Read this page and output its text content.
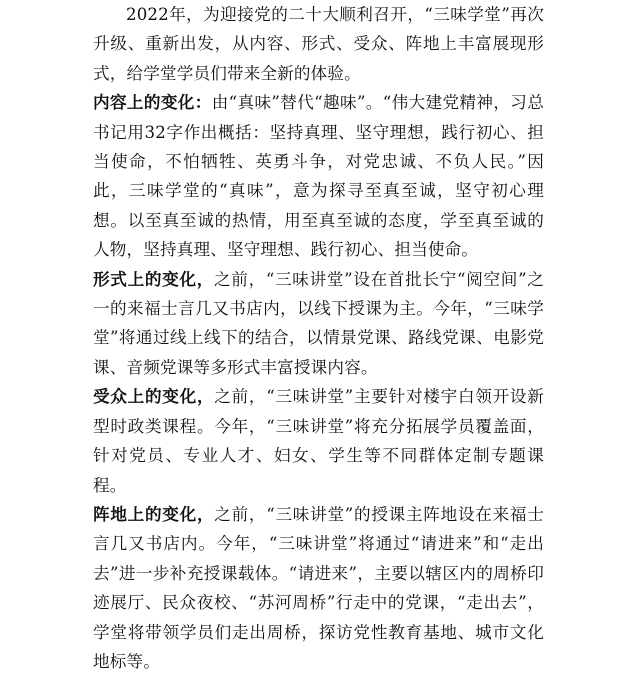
2022年，为迎接党的二十大顺利召开，“三味学堂”再次升级、重新出发，从内容、形式、受众、阵地上丰富展现形式，给学堂学员们带来全新的体验。

内容上的变化：由“真味”替代“趣味”。“伟大建党精神，习总书记用32字作出概括：坚持真理、坚守理想，践行初心、担当使命，不怕牺牲、英勇斗争，对党忠诚、不负人民。”因此，三味学堂的“真味”，意为探寻至真至诚，坚守初心理想。以至真至诚的热情，用至真至诚的态度，学至真至诚的人物，坚持真理、坚守理想、践行初心、担当使命。

形式上的变化，之前，“三味讲堂”设在首批长宁“阅空间”之一的来福士言几又书店内，以线下授课为主。今年，“三味学堂”将通过线上线下的结合，以情景党课、路线党课、电影党课、音频党课等多形式丰富授课内容。

受众上的变化，之前，“三味讲堂”主要针对楼宇白领开设新型时政类课程。今年，“三味讲堂”将充分拓展学员覆盖面，针对党员、专业人才、妇女、学生等不同群体定制专题课程。

阵地上的变化，之前，“三味讲堂”的授课主阵地设在来福士言几又书店内。今年，“三味讲堂”将通过“请进来”和“走出去”进一步补充授课载体。“请进来”，主要以辖区内的周桥印迹展厅、民众夜校、“苏河周桥”行走中的党课，“走出去”，学堂将带领学员们走出周桥，探访党性教育基地、城市文化地标等。
